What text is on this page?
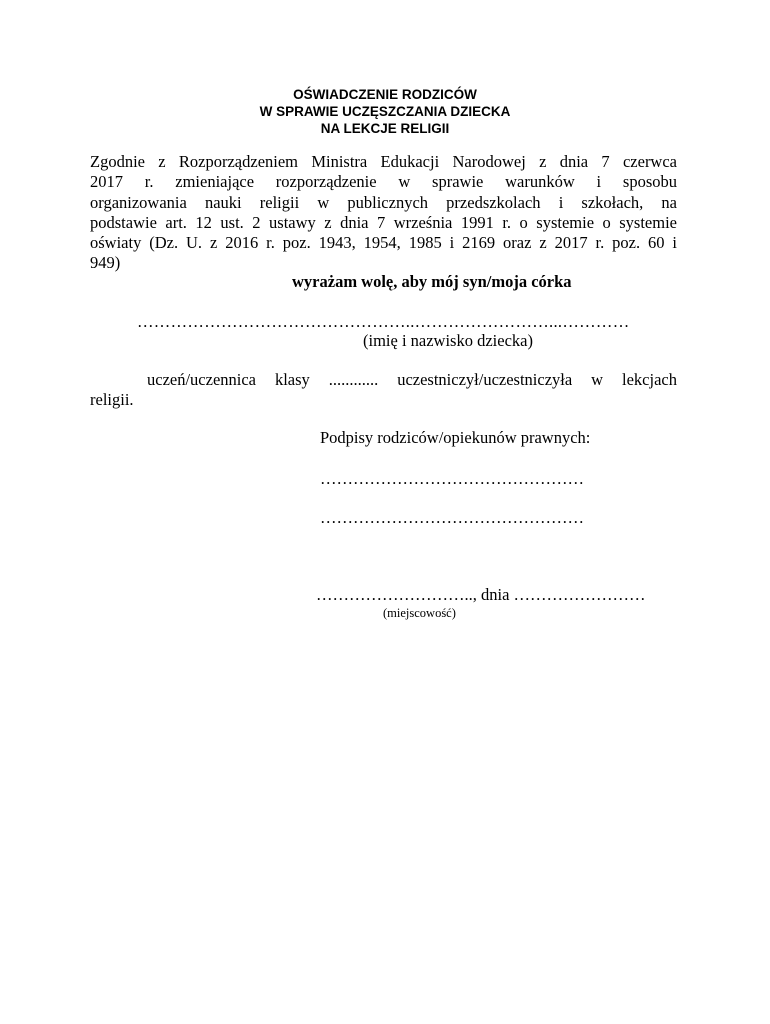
OŚWIADCZENIE RODZICÓW
W SPRAWIE UCZĘSZCZANIA DZIECKA
NA LEKCJE RELIGII
Zgodnie z Rozporządzeniem Ministra Edukacji Narodowej z dnia 7 czerwca
2017 r. zmieniające rozporządzenie w sprawie warunków i sposobu
organizowania nauki religii w publicznych przedszkolach i szkołach, na
podstawie art. 12 ust. 2 ustawy z dnia 7 września 1991 r. o systemie o systemie
oświaty (Dz. U. z 2016 r. poz. 1943, 1954, 1985 i 2169 oraz z 2017 r. poz. 60 i
949)
wyrażam wolę, aby mój syn/moja córka
…………………………………………..……………………...…………
(imię i nazwisko dziecka)
uczeń/uczennica klasy ............ uczestniczył/uczestniczyła w lekcjach
religii.
Podpisy rodziców/opiekunów prawnych:
…………………………………………
…………………………………………
……………………….., dnia ……………………
(miejscowość)
